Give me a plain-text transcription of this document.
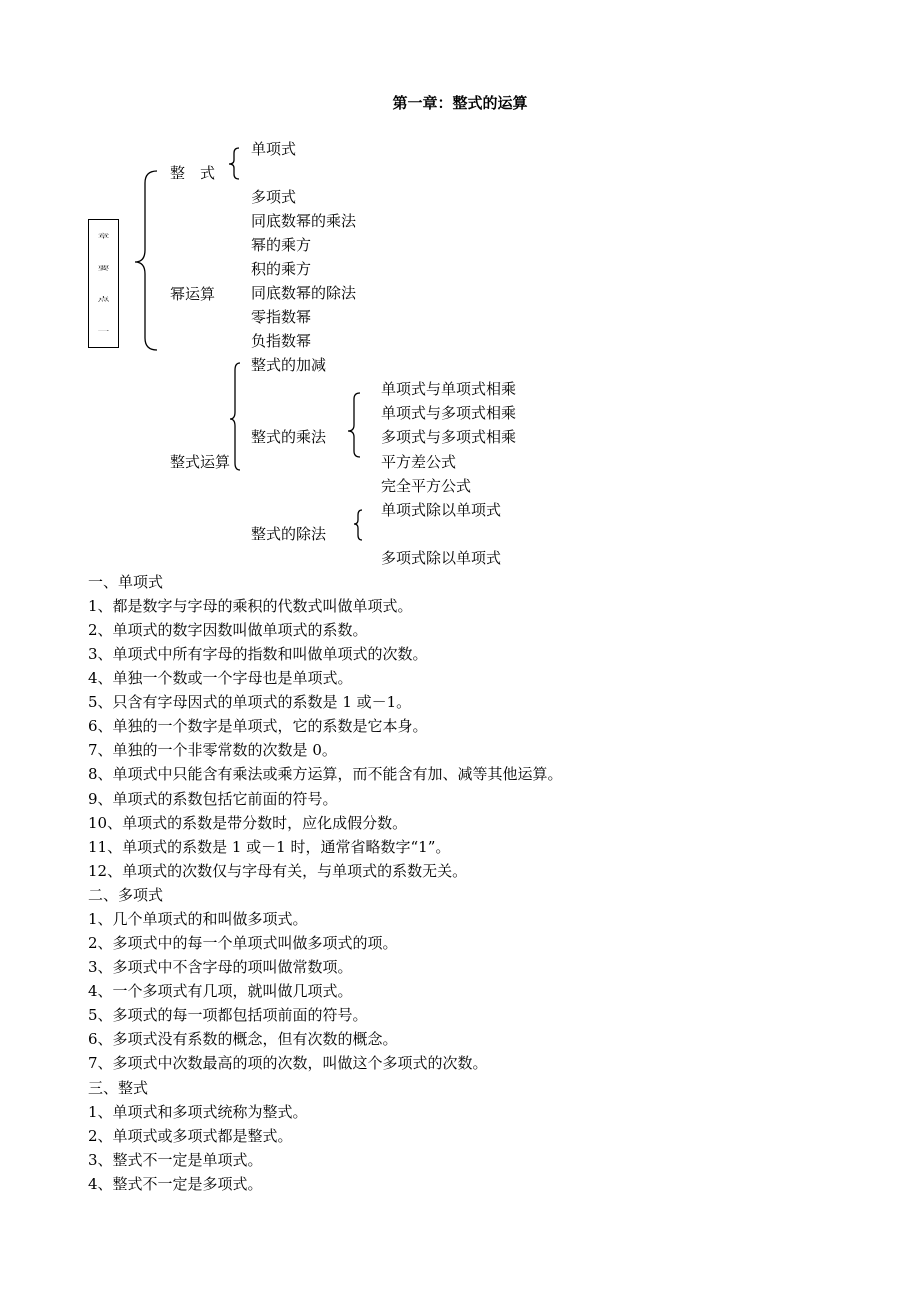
第一章：整式的运算
章
要
点
一
整　式
单项式
多项式
幂运算
同底数幂的乘法
幂的乘方
积的乘方
同底数幂的除法
零指数幂
负指数幂
整式运算
整式的加减
整式的乘法
整式的除法
单项式与单项式相乘
单项式与多项式相乘
多项式与多项式相乘
平方差公式
完全平方公式
单项式除以单项式
多项式除以单项式
一、单项式
1、都是数字与字母的乘积的代数式叫做单项式。
2、单项式的数字因数叫做单项式的系数。
3、单项式中所有字母的指数和叫做单项式的次数。
4、单独一个数或一个字母也是单项式。
5、只含有字母因式的单项式的系数是 1 或－1。
6、单独的一个数字是单项式，它的系数是它本身。
7、单独的一个非零常数的次数是 0。
8、单项式中只能含有乘法或乘方运算，而不能含有加、减等其他运算。
9、单项式的系数包括它前面的符号。
10、单项式的系数是带分数时，应化成假分数。
11、单项式的系数是 1 或－1 时，通常省略数字“1”。
12、单项式的次数仅与字母有关，与单项式的系数无关。
二、多项式
1、几个单项式的和叫做多项式。
2、多项式中的每一个单项式叫做多项式的项。
3、多项式中不含字母的项叫做常数项。
4、一个多项式有几项，就叫做几项式。
5、多项式的每一项都包括项前面的符号。
6、多项式没有系数的概念，但有次数的概念。
7、多项式中次数最高的项的次数，叫做这个多项式的次数。
三、整式
1、单项式和多项式统称为整式。
2、单项式或多项式都是整式。
3、整式不一定是单项式。
4、整式不一定是多项式。
